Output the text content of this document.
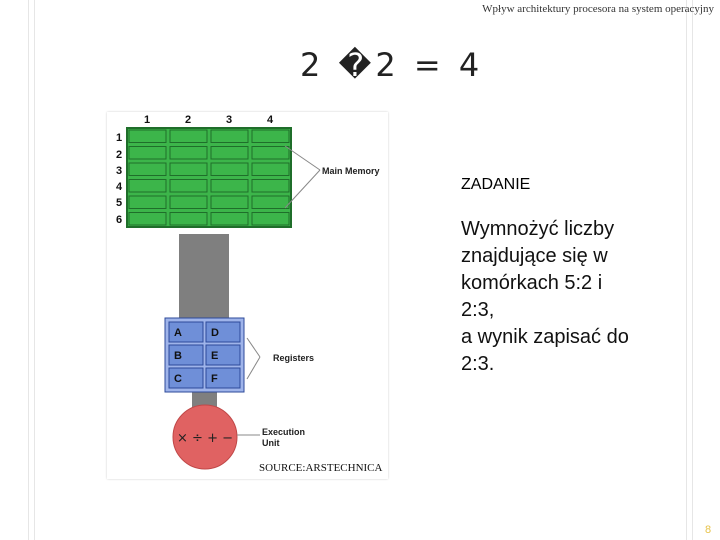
Wpływ architektury procesora na system operacyjny
2 �2 = 4
1	2	3	4
1
2
3
4
5
6
Main Memory
A	D
B	E
C	F
Registers
× ÷ + −	Execution
Unit
SOURCE:ARSTECHNICA
ZADANIE
Wymnożyć liczby
znajdujące się w
komórkach 5:2 i
2:3,
a wynik zapisać do
2:3.
8
